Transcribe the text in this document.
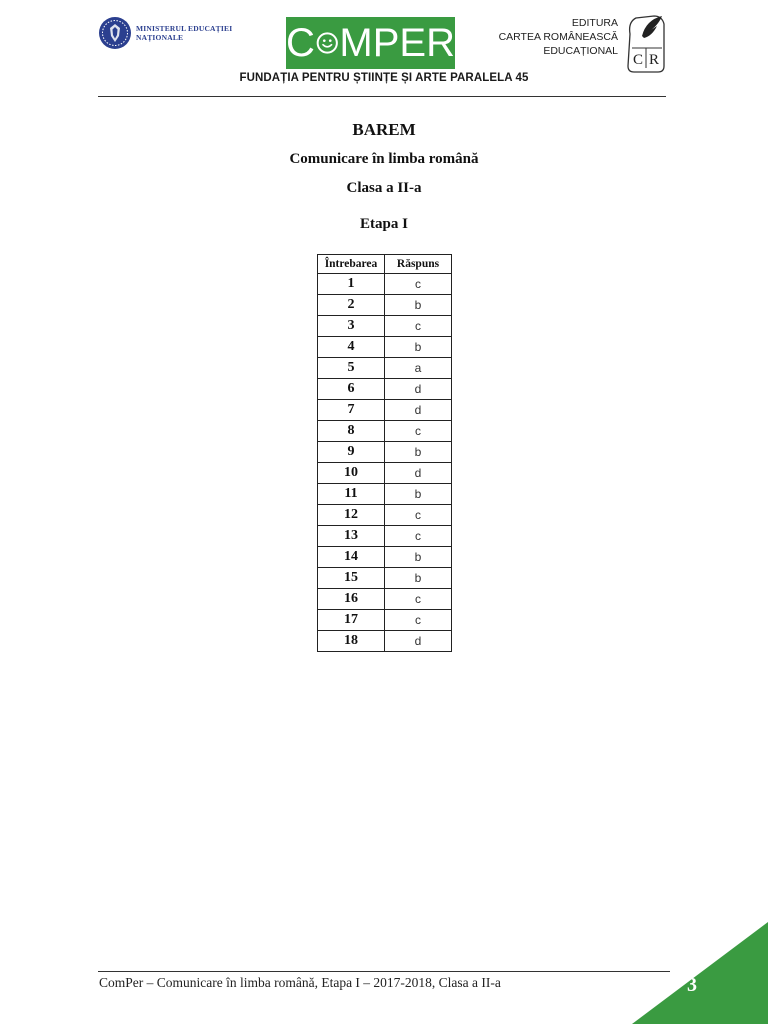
MINISTERUL EDUCAȚIEI
NAȚIONALE	C MPER	EDITURA
CARTEA ROMÂNEASCĂ
EDUCAȚIONAL
C R
FUNDAȚIA PENTRU ȘTIINȚE ȘI ARTE PARALELA 45
BAREM
Comunicare în limba română
Clasa a II-a
Etapa I
Întrebarea	Răspuns
1	c
2	b
3	c
4	b
5	a
6	d
7	d
8	c
9	b
10	d
11	b
12	c
13	c
14	b
15	b
16	c
17	c
18	d
ComPer – Comunicare în limba română, Etapa I – 2017-2018, Clasa a II-a	3
